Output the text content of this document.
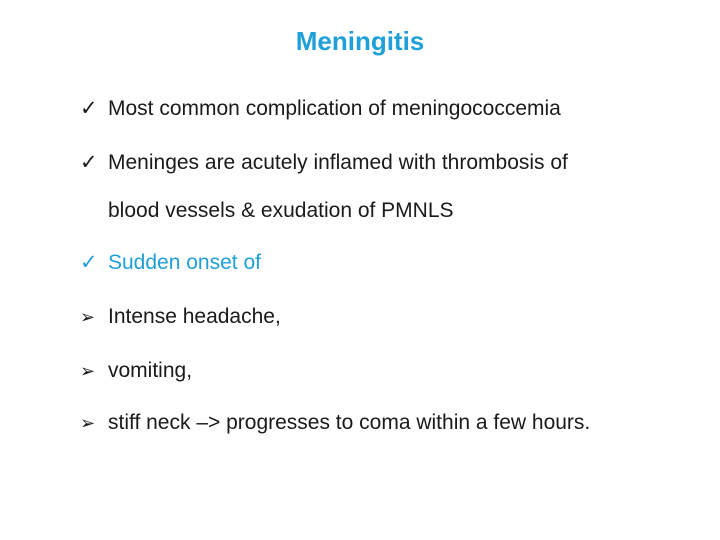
Meningitis
✓ Most common complication of meningococcemia
✓ Meninges are acutely inflamed with thrombosis of
blood vessels & exudation of PMNLS
✓ Sudden onset of
➢ Intense headache,
➢ vomiting,
➢ stiff neck –> progresses to coma within a few hours.
